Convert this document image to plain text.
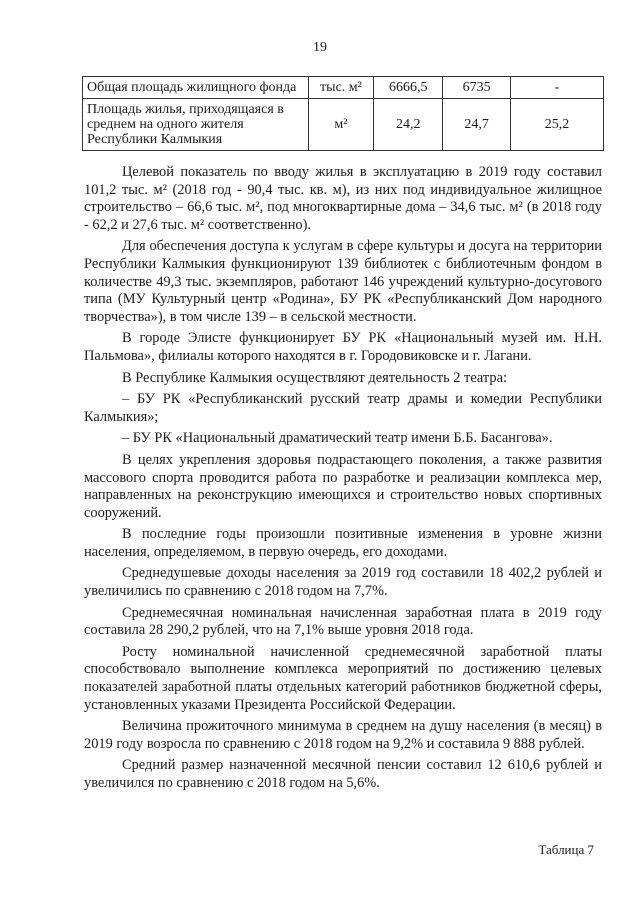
19
Общая площадь жилищного фонда	тыс. м²	6666,5	6735	-
Площадь жилья, приходящаяся в среднем на одного жителя Республики Калмыкия	м²	24,2	24,7	25,2

Целевой показатель по вводу жилья в эксплуатацию в 2019 году составил 101,2 тыс. м² (2018 год - 90,4 тыс. кв. м), из них под индивидуальное жилищное строительство – 66,6 тыс. м², под многоквартирные дома – 34,6 тыс. м² (в 2018 году - 62,2 и 27,6 тыс. м² соответственно).

Для обеспечения доступа к услугам в сфере культуры и досуга на территории Республики Калмыкия функционируют 139 библиотек с библиотечным фондом в количестве 49,3 тыс. экземпляров, работают 146 учреждений культурно-досугового типа (МУ Культурный центр «Родина», БУ РК «Республиканский Дом народного творчества»), в том числе 139 – в сельской местности.

В городе Элисте функционирует БУ РК «Национальный музей им. Н.Н. Пальмова», филиалы которого находятся в г. Городовиковске и г. Лагани.

В Республике Калмыкия осуществляют деятельность 2 театра:

– БУ РК «Республиканский русский театр драмы и комедии Республики Калмыкия»;

– БУ РК «Национальный драматический театр имени Б.Б. Басангова».

В целях укрепления здоровья подрастающего поколения, а также развития массового спорта проводится работа по разработке и реализации комплекса мер, направленных на реконструкцию имеющихся и строительство новых спортивных сооружений.

В последние годы произошли позитивные изменения в уровне жизни населения, определяемом, в первую очередь, его доходами.

Среднедушевые доходы населения за 2019 год составили 18 402,2 рублей и увеличились по сравнению с 2018 годом на 7,7%.

Среднемесячная номинальная начисленная заработная плата в 2019 году составила 28 290,2 рублей, что на 7,1% выше уровня 2018 года.

Росту номинальной начисленной среднемесячной заработной платы способствовало выполнение комплекса мероприятий по достижению целевых показателей заработной платы отдельных категорий работников бюджетной сферы, установленных указами Президента Российской Федерации.

Величина прожиточного минимума в среднем на душу населения (в месяц) в 2019 году возросла по сравнению с 2018 годом на 9,2% и составила 9 888 рублей.

Средний размер назначенной месячной пенсии составил 12 610,6 рублей и увеличился по сравнению с 2018 годом на 5,6%.

Таблица 7
